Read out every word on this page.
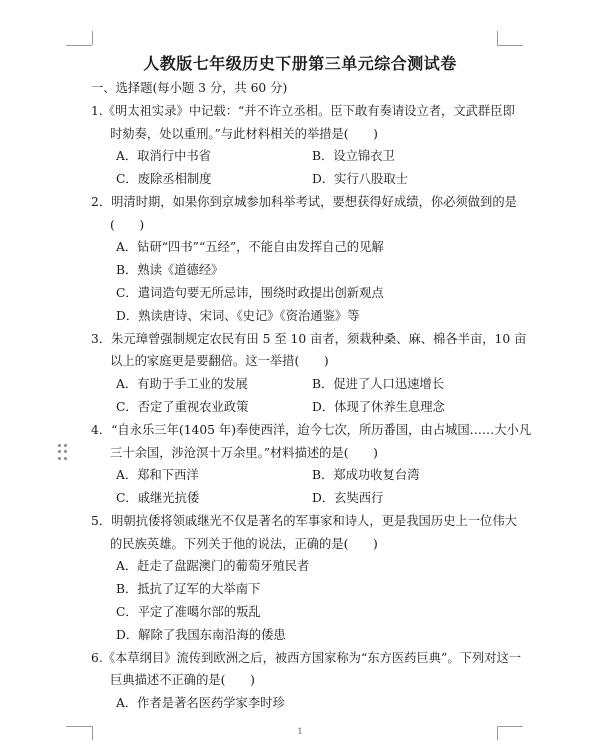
人教版七年级历史下册第三单元综合测试卷
一、选择题(每小题 3 分，共 60 分)
1.《明太祖实录》中记载：“并不许立丞相。臣下敢有奏请设立者，文武群臣即
时劾奏，处以重刑。”与此材料相关的举措是(　　)
A．取消行中书省	B．设立锦衣卫
C．废除丞相制度	D．实行八股取士
2．明清时期，如果你到京城参加科举考试，要想获得好成绩，你必须做到的是
(　　)
A．钻研“四书”“五经”，不能自由发挥自己的见解
B．熟读《道德经》
C．遣词造句要无所忌讳，围绕时政提出创新观点
D．熟读唐诗、宋词、《史记》《资治通鉴》等
3．朱元璋曾强制规定农民有田 5 至 10 亩者，须栽种桑、麻、棉各半亩，10 亩
以上的家庭更是要翻倍。这一举措(　　)
A．有助于手工业的发展	B．促进了人口迅速增长
C．否定了重视农业政策	D．体现了休养生息理念
4．“自永乐三年(1405 年)奉使西洋，迨今七次，所历番国，由占城国……大小凡
三十余国，涉沧溟十万余里。”材料描述的是(　　)
A．郑和下西洋	B．郑成功收复台湾
C．戚继光抗倭	D．玄奘西行
5．明朝抗倭将领戚继光不仅是著名的军事家和诗人，更是我国历史上一位伟大
的民族英雄。下列关于他的说法，正确的是(　　)
A．赶走了盘踞澳门的葡萄牙殖民者
B．抵抗了辽军的大举南下
C．平定了准噶尔部的叛乱
D．解除了我国东南沿海的倭患
6.《本草纲目》流传到欧洲之后，被西方国家称为“东方医药巨典”。下列对这一
巨典描述不正确的是(　　)
A．作者是著名医药学家李时珍
1
